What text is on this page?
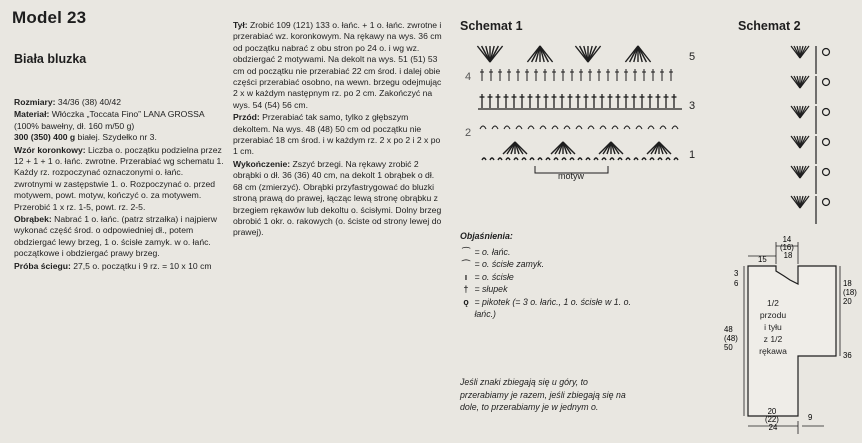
Model 23
Biała bluzka

Rozmiary: 34/36 (38) 40/42

Materiał: Włóczka „Toccata Fino” LANA GROSSA (100% bawełny, dł. 160 m/50 g)
300 (350) 400 g białej. Szydełko nr 3.

Wzór koronkowy: Liczba o. początku podzielna przez 12 + 1 + 1 o. łańc. zwrotne. Przerabiać wg schematu 1. Każdy rz. rozpoczynać oznaczonymi o. łańc. zwrotnymi w zastępstwie 1. o. Rozpoczynać o. przed motywem, powt. motyw, kończyć o. za motywem. Przerobić 1 x rz. 1-5, powt. rz. 2-5.

Obrąbek: Nabrać 1 o. łańc. (patrz strzałka) i najpierw wykonać część środ. o odpowiedniej dł., potem obdziergać lewy brzeg, 1 o. ścisłe zamyk. w o. łańc. początkowe i obdziergać prawy brzeg.

Próba ściegu: 27,5 o. początku i 9 rz. = 10 x 10 cm

Tył: Zrobić 109 (121) 133 o. łańc. + 1 o. łańc. zwrotne i przerabiać wz. koronkowym. Na rękawy na wys. 36 cm od początku nabrać z obu stron po 24 o. i wg wz. obdziergać 2 motywami. Na dekolt na wys. 51 (51) 53 cm od początku nie przerabiać 22 cm środ. i dalej obie części przerabiać osobno, na wewn. brzegu odejmując 2 x w każdym następnym rz. po 2 cm. Zakończyć na wys. 54 (54) 56 cm.

Przód: Przerabiać tak samo, tylko z głębszym dekoltem. Na wys. 48 (48) 50 cm od początku nie przerabiać 18 cm środ. i w każdym rz. 2 x po 2 i 2 x po 1 cm.

Wykończenie: Zszyć brzegi. Na rękawy zrobić 2 obrąbki o dł. 36 (36) 40 cm, na dekolt 1 obrąbek o dł. 68 cm (zmierzyć). Obrąbki przyfastrygować do bluzki stroną prawą do prawej, łącząc lewą stronę obrąbku z brzegiem rękawów lub dekoltu o. ścisłymi. Dolny brzeg obrobić 1 okr. o. rakowych (o. ściste od strony lewej do prawej).

Schemat 1
5
4
3
2
1
motyw
Objaśnienia:
⁀
= o. łańc.
⌒
= o. ścisłe zamyk.
ı
= o. ścisłe
†
= słupek
ǫ
= pikotek (= 3 o. łańc., 1 o. ścisłe w 1. o. łańc.)
Jeśli znaki zbiegają się u góry, to przerabiamy je razem, jeśli zbiegają się na dole, to przerabiamy je w jednym o.
Schemat 2
14 (16) 18
15
3
6	18 (18) 20
48 (48) 50
36
20 (22) 24
9
1/2
przodu
i tyłu
z 1/2
rękawa
